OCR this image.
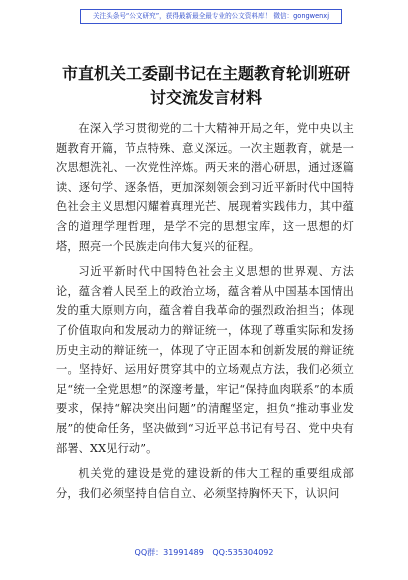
关注头条号“公文研究”，获得最新最全最专业的公文资料库！ 微信：gongwenxj
市直机关工委副书记在主题教育轮训班研
讨交流发言材料

在深入学习贯彻党的二十大精神开局之年，党中央以主题教育开篇，节点特殊、意义深远。一次主题教育，就是一次思想洗礼、一次党性淬炼。两天来的潜心研思，通过逐篇读、逐句学、逐条悟，更加深刻领会到习近平新时代中国特色社会主义思想闪耀着真理光芒、展现着实践伟力，其中蕴含的道理学理哲理，是学不完的思想宝库，这一思想的灯塔，照亮一个民族走向伟大复兴的征程。

习近平新时代中国特色社会主义思想的世界观、方法论，蕴含着人民至上的政治立场，蕴含着从中国基本国情出发的重大原则方向，蕴含着自我革命的强烈政治担当；体现了价值取向和发展动力的辩证统一，体现了尊重实际和发扬历史主动的辩证统一，体现了守正固本和创新发展的辩证统一。坚持好、运用好贯穿其中的立场观点方法，我们必须立足“统一全党思想”的深邃考量，牢记“保持血肉联系”的本质要求，保持“解决突出问题”的清醒坚定，担负“推动事业发展”的使命任务，坚决做到“习近平总书记有号召、党中央有部署、XX见行动”。

机关党的建设是党的建设新的伟大工程的重要组成部分，我们必须坚持自信自立、必须坚持胸怀天下，认识问

QQ群：31991489 QQ:535304092
